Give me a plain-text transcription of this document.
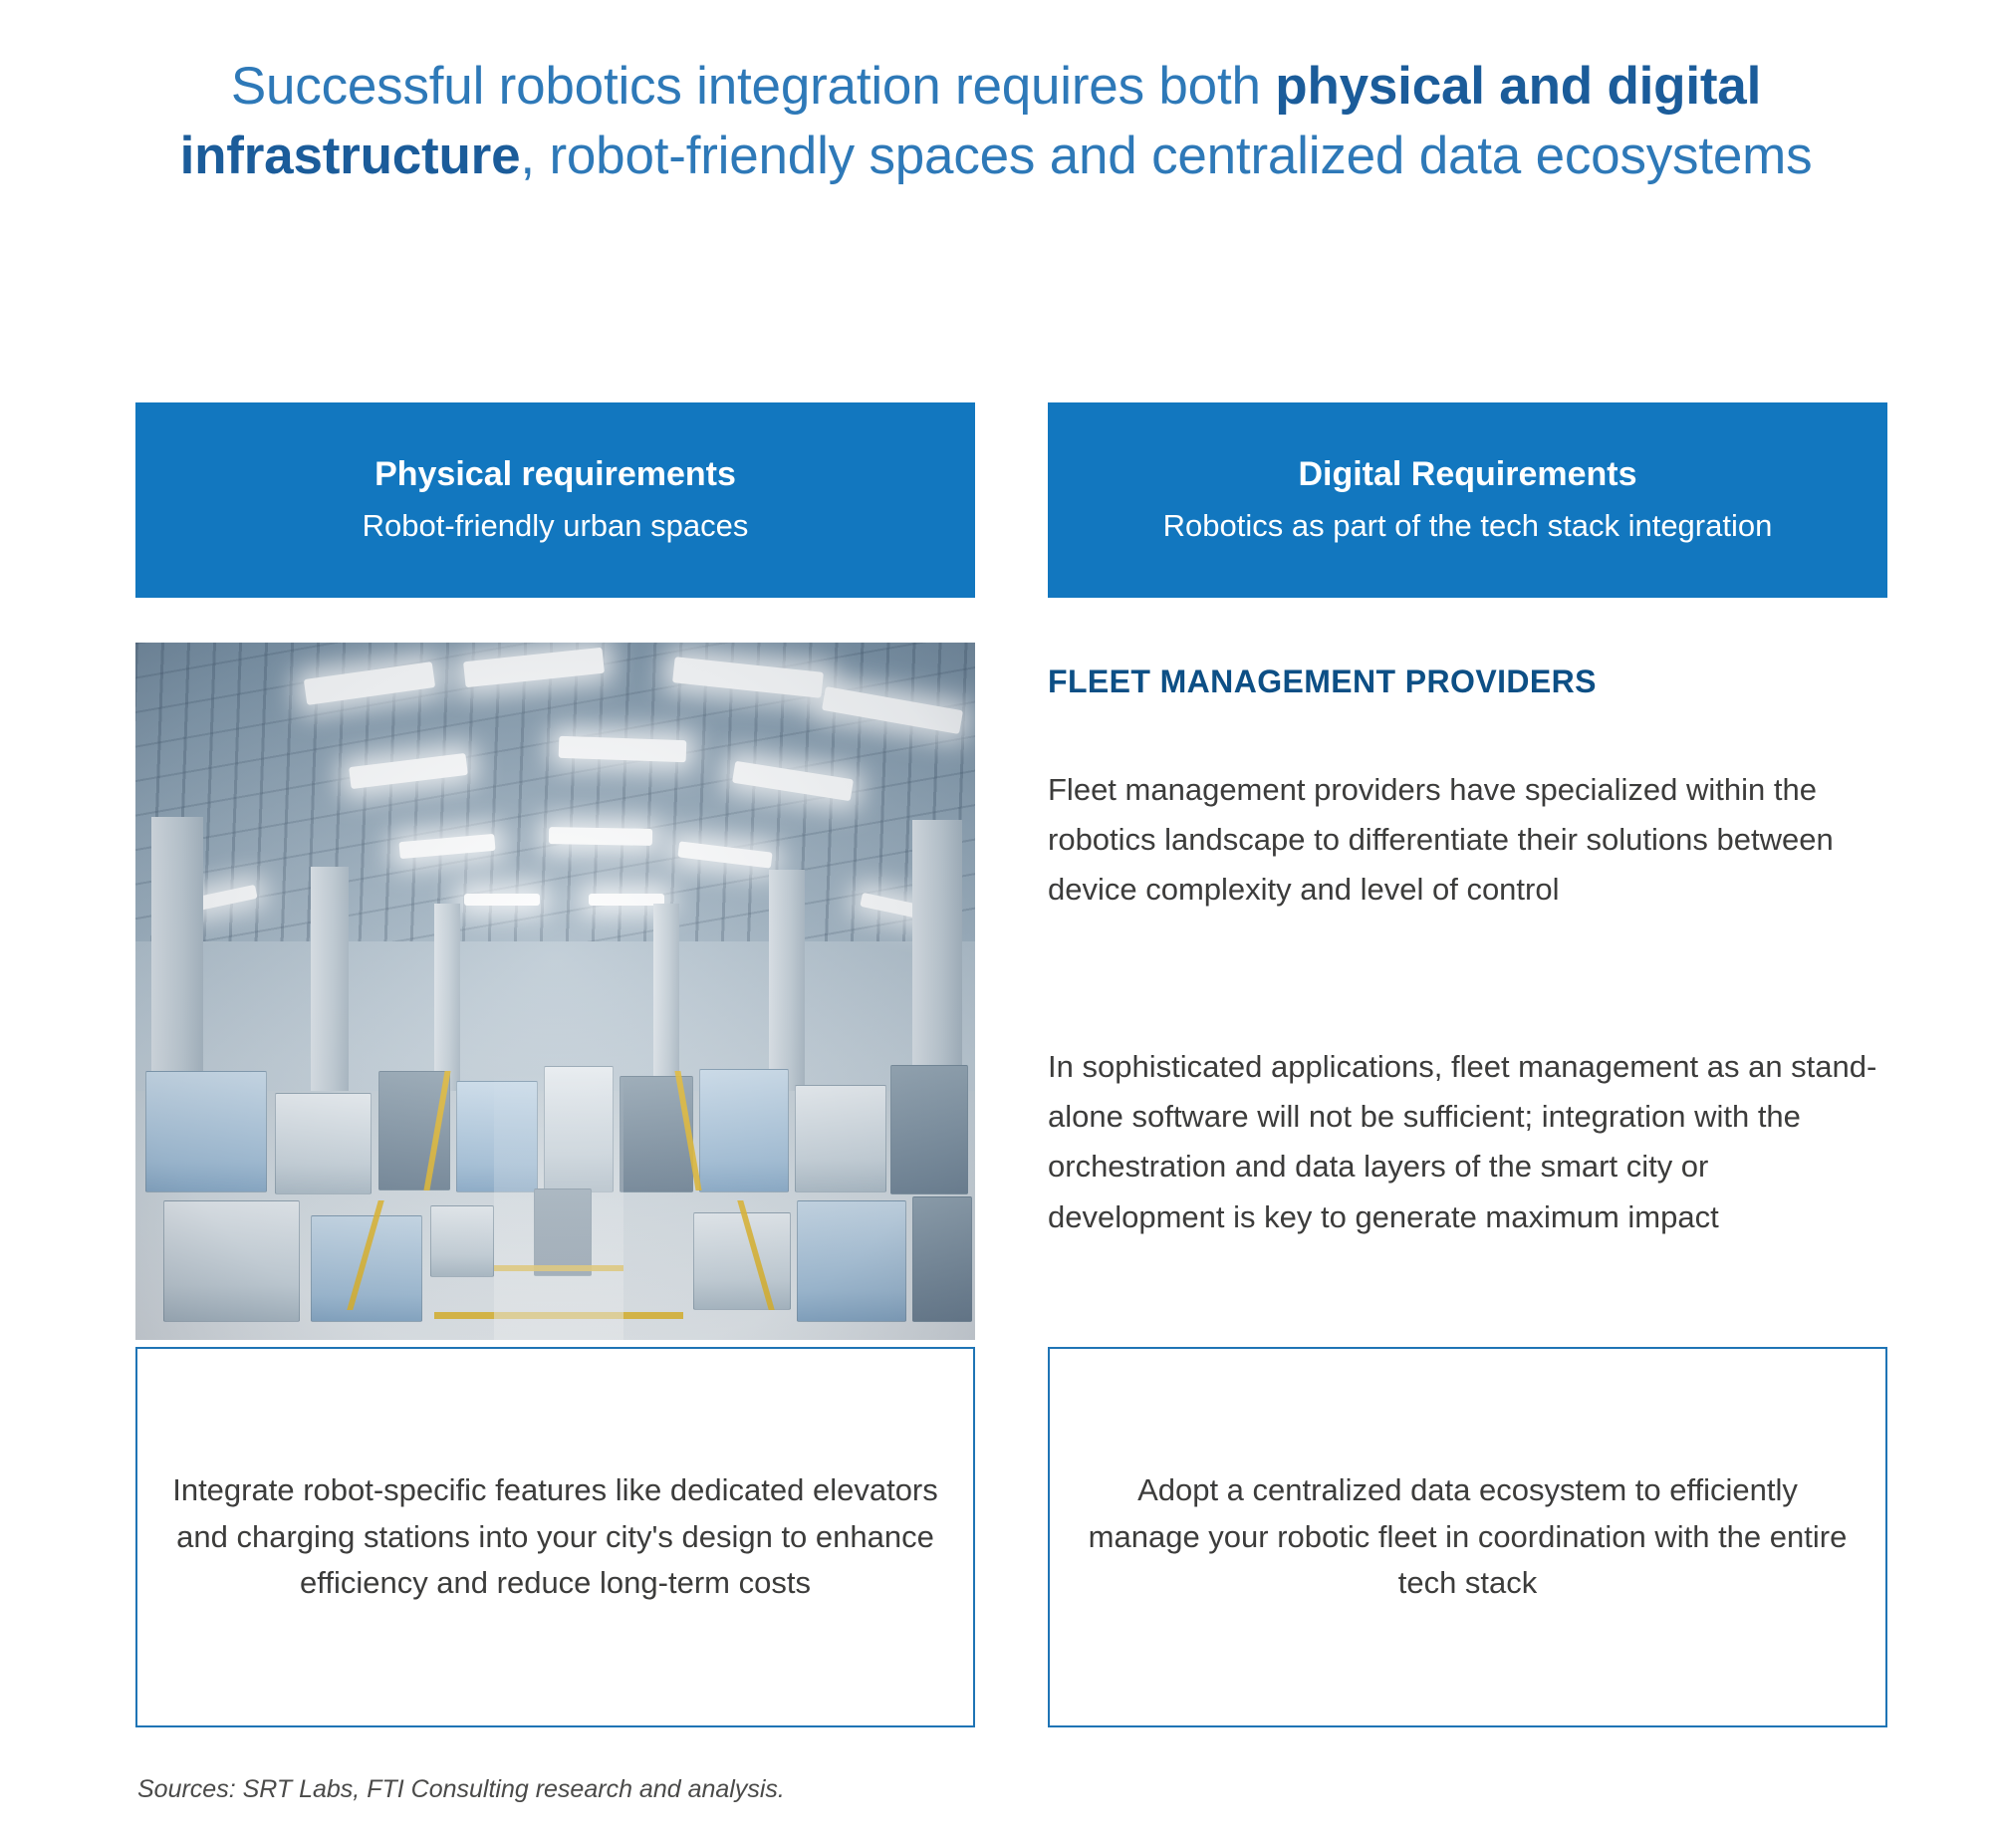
Successful robotics integration requires both physical and digital infrastructure, robot-friendly spaces and centralized data ecosystems
Physical requirements
Robot-friendly urban spaces
Digital Requirements
Robotics as part of the tech stack integration
FLEET MANAGEMENT PROVIDERS
Fleet management providers have specialized within the robotics landscape to differentiate their solutions between device complexity and level of control
In sophisticated applications, fleet management as an stand-alone software will not be sufficient; integration with the orchestration and data layers of the smart city or development is key to generate maximum impact
Integrate robot-specific features like dedicated elevators and charging stations into your city's design to enhance efficiency and reduce long-term costs
Adopt a centralized data ecosystem to efficiently manage your robotic fleet in coordination with the entire tech stack
Sources: SRT Labs, FTI Consulting research and analysis.
